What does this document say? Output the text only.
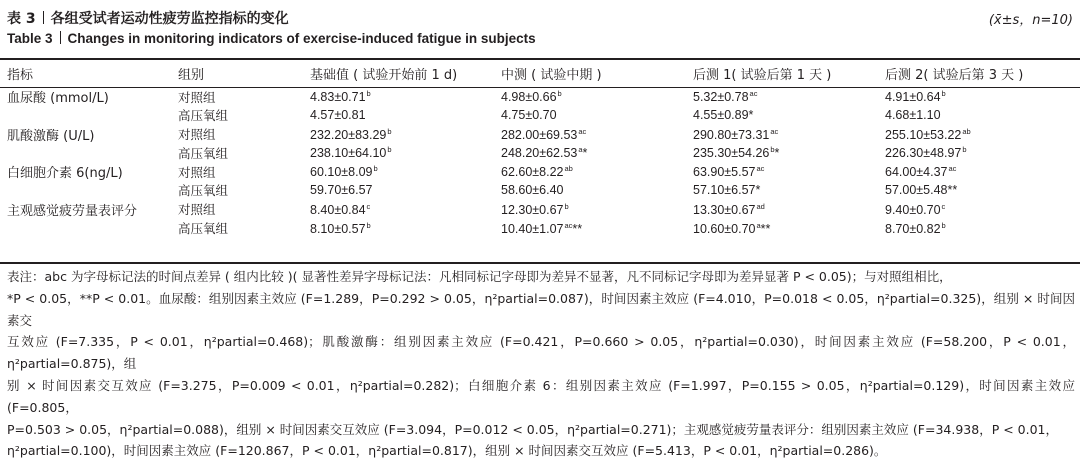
表 3 各组受试者运动性疲劳监控指标的变化	(x̄±s，n=10)
Table 3 Changes in monitoring indicators of exercise-induced fatigue in subjects
指标	组别	基础值 ( 试验开始前 1 d)	中测 ( 试验中期 )	后测 1( 试验后第 1 天 )	后测 2( 试验后第 3 天 )
血尿酸 (mmol/L)	对照组	4.83±0.71$^b$	4.98±0.66$^b$	5.32±0.78$^{ac}$	4.91±0.64$^b$
	高压氧组	4.57±0.81	4.75±0.70	4.55±0.89*	4.68±1.10
肌酸激酶 (U/L)	对照组	232.20±83.29$^b$	282.00±69.53$^{ac}$	290.80±73.31$^{ac}$	255.10±53.22$^{ab}$
	高压氧组	238.10±64.10$^b$	248.20±62.53$^a$*	235.30±54.26$^b$*	226.30±48.97$^b$
白细胞介素 6(ng/L)	对照组	60.10±8.09$^b$	62.60±8.22$^{ab}$	63.90±5.57$^{ac}$	64.00±4.37$^{ac}$
	高压氧组	59.70±6.57	58.60±6.40	57.10±6.57*	57.00±5.48**
主观感觉疲劳量表评分	对照组	8.40±0.84$^c$	12.30±0.67$^b$	13.30±0.67$^{ad}$	9.40±0.70$^c$
	高压氧组	8.10±0.57$^b$	10.40±1.07$^{ac}$**	10.60±0.70$^a$**	8.70±0.82$^b$
表注：abc 为字母标记法的时间点差异 ( 组内比较 )( 显著性差异字母标记法：凡相同标记字母即为差异不显著，凡不同标记字母即为差异显著 P < 0.05)；与对照组相比，
*P < 0.05，**P < 0.01。血尿酸：组别因素主效应 (F=1.289，P=0.292 > 0.05，η²partial=0.087)，时间因素主效应 (F=4.010，P=0.018 < 0.05，η²partial=0.325)，组别 × 时间因素交
互效应 (F=7.335，P < 0.01，η²partial=0.468)；肌酸激酶：组别因素主效应 (F=0.421，P=0.660 > 0.05，η²partial=0.030)，时间因素主效应 (F=58.200，P < 0.01，η²partial=0.875)，组
别 × 时间因素交互效应 (F=3.275，P=0.009 < 0.01，η²partial=0.282)；白细胞介素 6：组别因素主效应 (F=1.997，P=0.155 > 0.05，η²partial=0.129)，时间因素主效应 (F=0.805，
P=0.503 > 0.05，η²partial=0.088)，组别 × 时间因素交互效应 (F=3.094，P=0.012 < 0.05，η²partial=0.271)；主观感觉疲劳量表评分：组别因素主效应 (F=34.938，P < 0.01，
η²partial=0.100)，时间因素主效应 (F=120.867，P < 0.01，η²partial=0.817)，组别 × 时间因素交互效应 (F=5.413，P < 0.01，η²partial=0.286)。
